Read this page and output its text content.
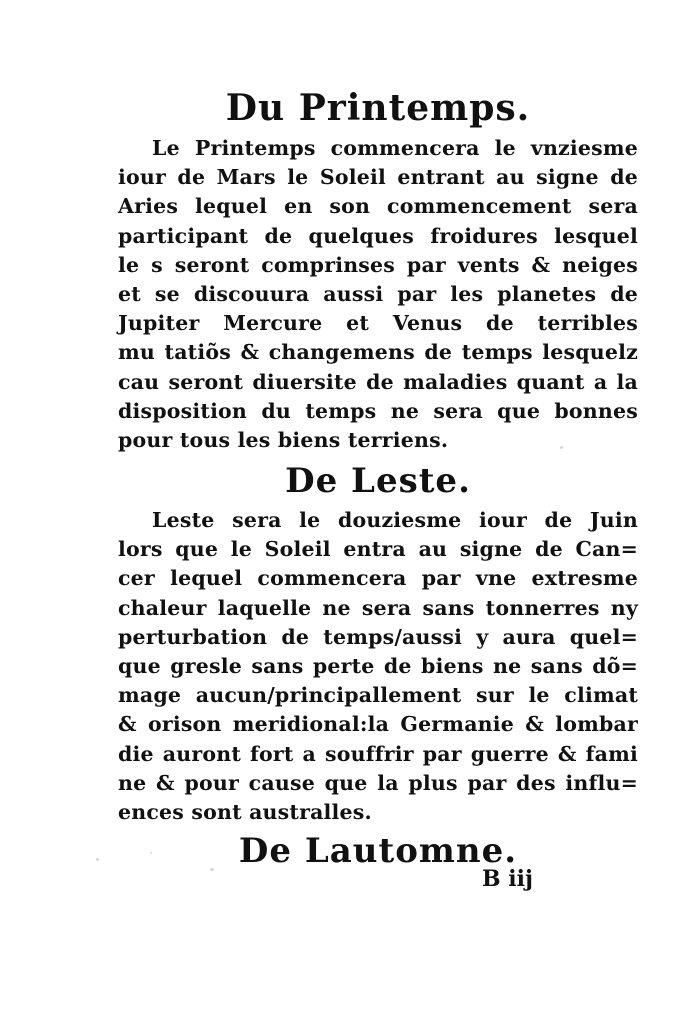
Du Printemps.
Le Printemps commencera le vnziesme
iour de Mars le Soleil entrant au signe de
Aries lequel en son commencement sera
participant de quelques froidures lesquel
le s seront comprinses par vents & neiges
et se discouura aussi par les planetes de
Jupiter Mercure et Venus de terribles
mu tatiõs & changemens de temps lesquelz
cau seront diuersite de maladies quant a la
disposition du temps ne sera que bonnes
pour tous les biens terriens.
De Leste.
Leste sera le douziesme iour de Juin
lors que le Soleil entra au signe de Can=
cer lequel commencera par vne extresme
chaleur laquelle ne sera sans tonnerres ny
perturbation de temps/aussi y aura quel=
que gresle sans perte de biens ne sans dõ=
mage aucun/principallement sur le climat
& orison meridional:la Germanie & lombar
die auront fort a souffrir par guerre & fami
ne & pour cause que la plus par des influ=
ences sont australles.
De Lautomne.
B iij
